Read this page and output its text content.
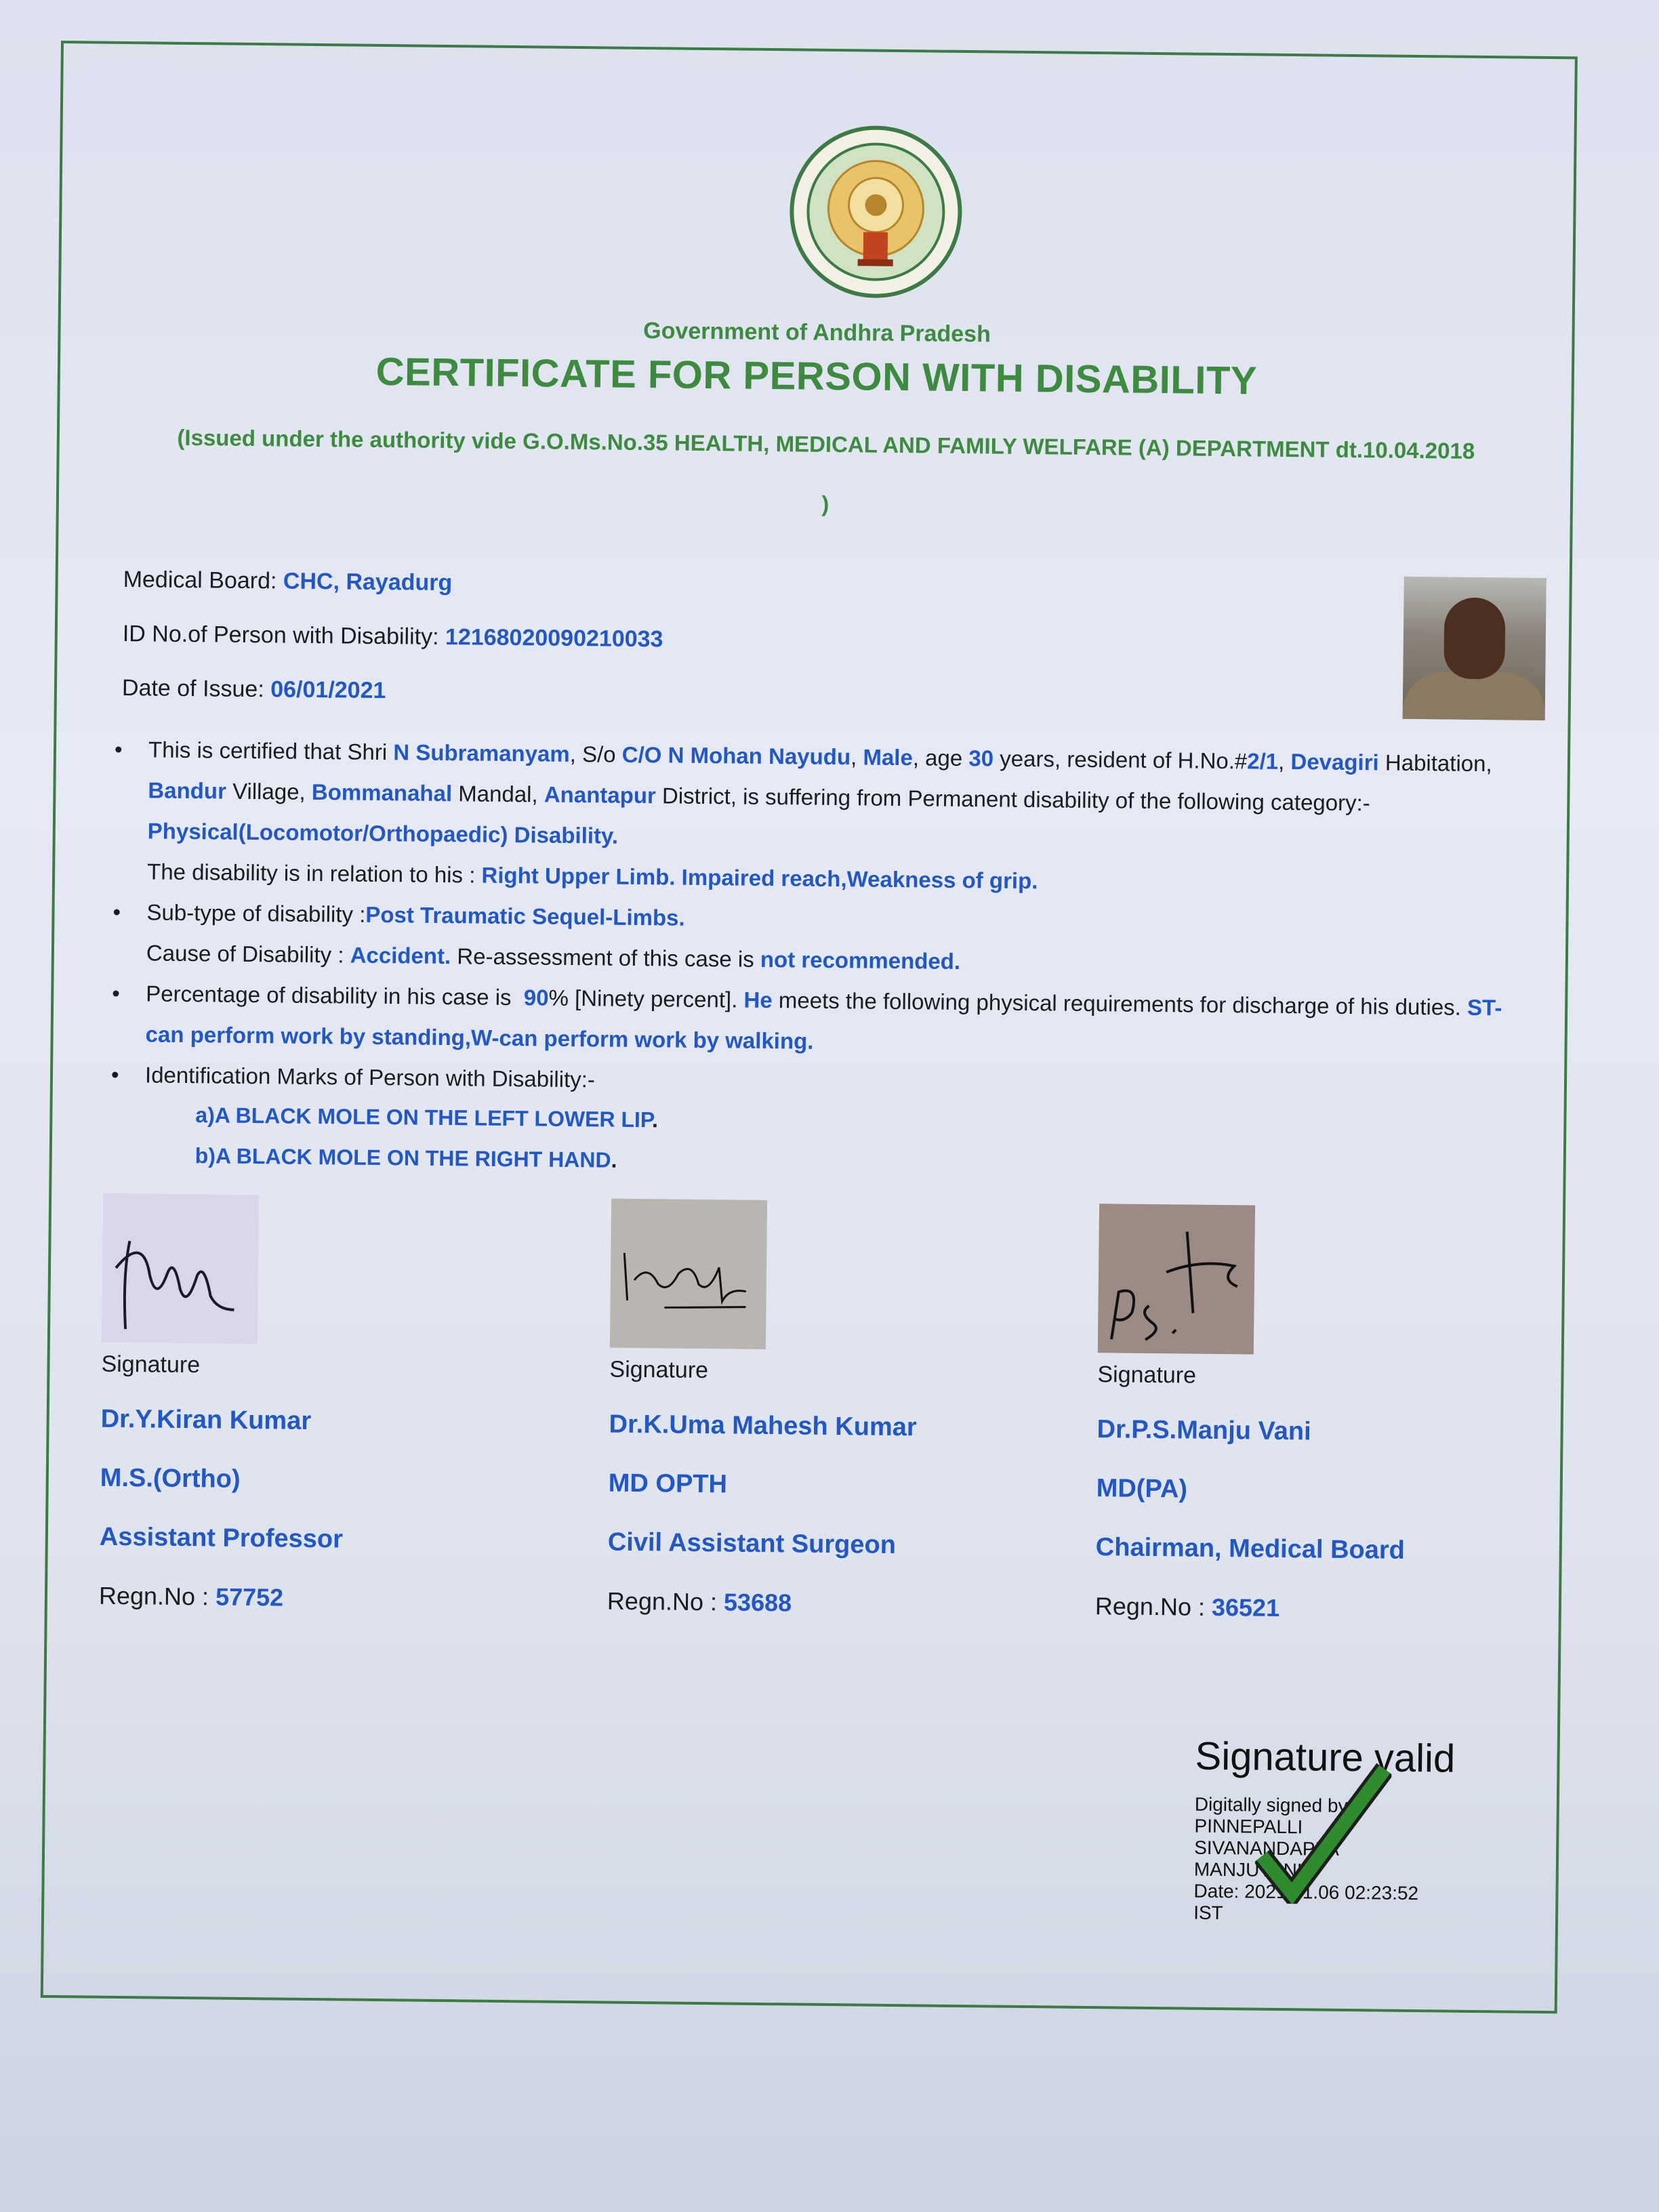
Government of Andhra Pradesh
CERTIFICATE FOR PERSON WITH DISABILITY
(Issued under the authority vide G.O.Ms.No.35 HEALTH, MEDICAL AND FAMILY WELFARE (A) DEPARTMENT dt.10.04.2018
)
Medical Board: CHC, Rayadurg
ID No.of Person with Disability: 12168020090210033
Date of Issue: 06/01/2021
•	This is certified that Shri N Subramanyam, S/o C/O N Mohan Nayudu, Male, age 30 years, resident of H.No.#2/1, Devagiri Habitation, Bandur Village, Bommanahal Mandal, Anantapur District, is suffering from Permanent disability of the following category:-
Physical(Locomotor/Orthopaedic) Disability.
The disability is in relation to his : Right Upper Limb. Impaired reach,Weakness of grip.
•	Sub-type of disability :Post Traumatic Sequel-Limbs.
Cause of Disability : Accident. Re-assessment of this case is not recommended.
•	Percentage of disability in his case is 90% [Ninety percent]. He meets the following physical requirements for discharge of his duties. ST-
can perform work by standing,W-can perform work by walking.
•	Identification Marks of Person with Disability:-
a)A BLACK MOLE ON THE LEFT LOWER LIP.
b)A BLACK MOLE ON THE RIGHT HAND.
Signature
Dr.Y.Kiran Kumar
M.S.(Ortho)
Assistant Professor
Regn.No : 57752
Signature
Dr.K.Uma Mahesh Kumar
MD OPTH
Civil Assistant Surgeon
Regn.No : 53688
Signature
Dr.P.S.Manju Vani
MD(PA)
Chairman, Medical Board
Regn.No : 36521
Signature valid
Digitally signed by
PINNEPALLI
SIVANANDAPPA
MANJUVANI
Date: 2021.01.06 02:23:52
IST
